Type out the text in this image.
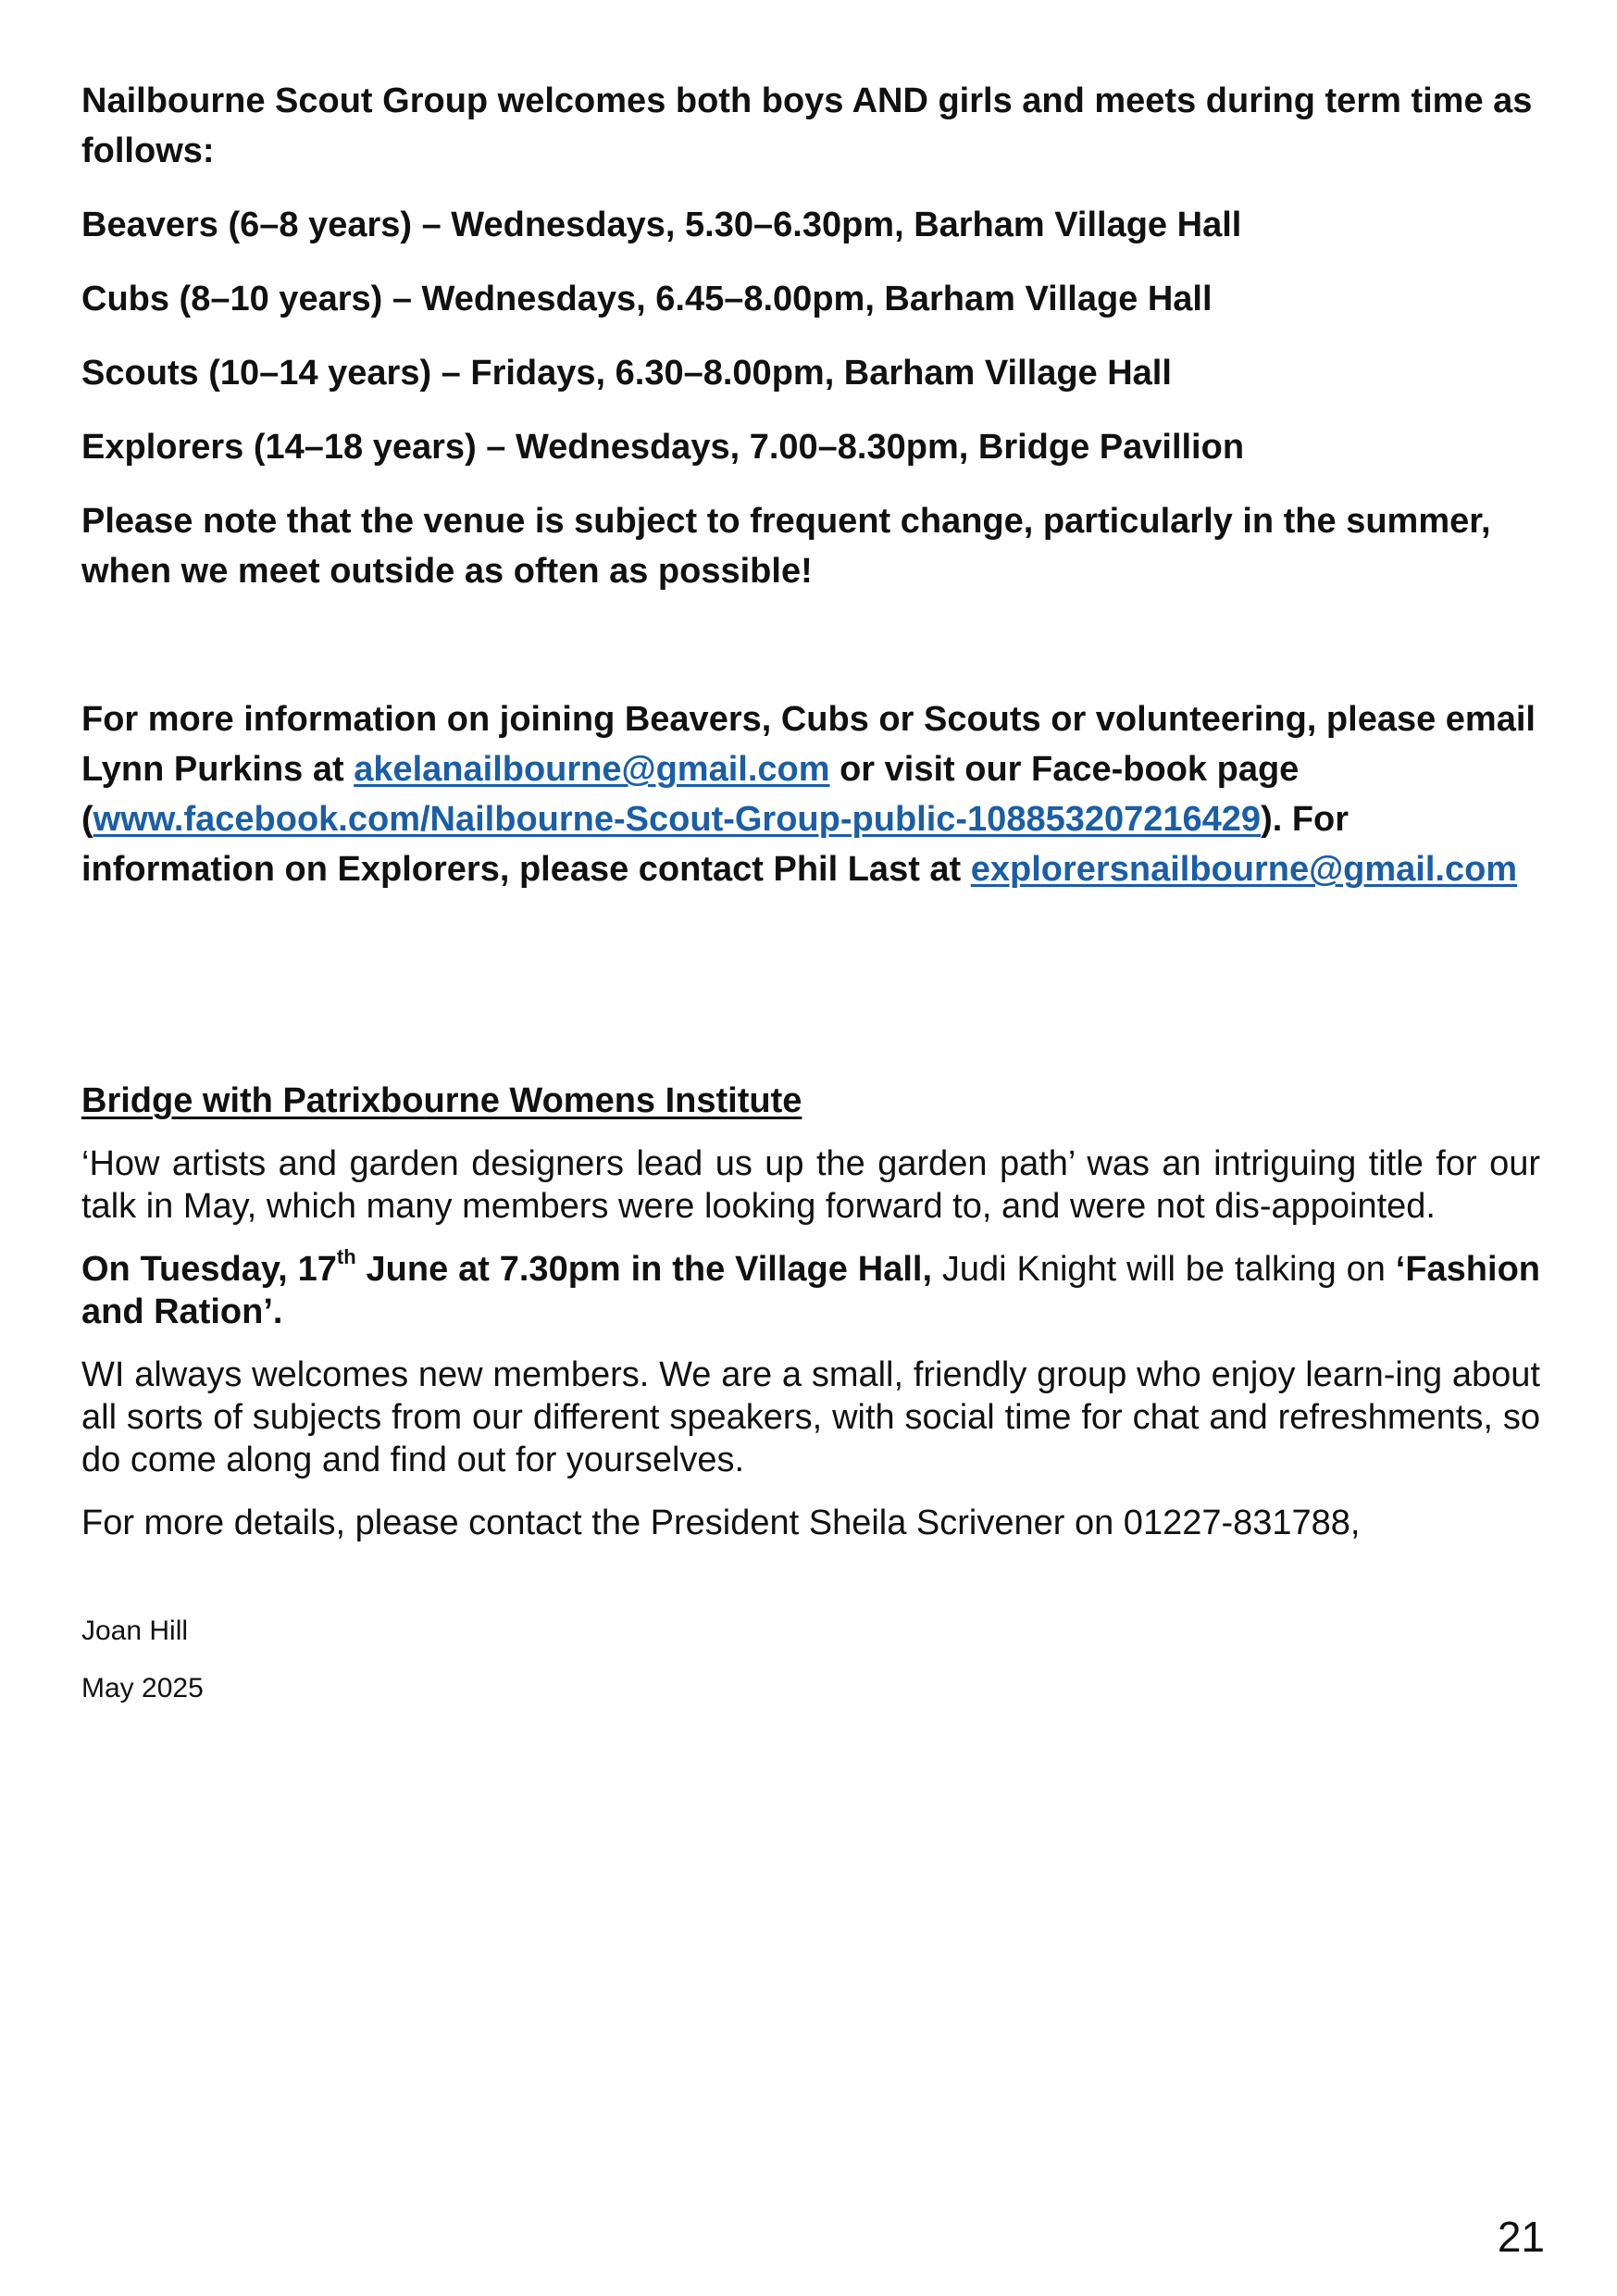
Nailbourne Scout Group welcomes both boys AND girls and meets during term time as follows:

Beavers (6–8 years) – Wednesdays, 5.30–6.30pm, Barham Village Hall

Cubs (8–10 years) – Wednesdays, 6.45–8.00pm, Barham Village Hall

Scouts (10–14 years) – Fridays, 6.30–8.00pm, Barham Village Hall

Explorers (14–18 years) – Wednesdays, 7.00–8.30pm, Bridge Pavillion

Please note that the venue is subject to frequent change, particularly in the summer, when we meet outside as often as possible!

For more information on joining Beavers, Cubs or Scouts or volunteering, please email Lynn Purkins at akelanailbourne@gmail.com or visit our Face-book page (www.facebook.com/Nailbourne-Scout-Group-public-108853207216429). For information on Explorers, please contact Phil Last at explorersnailbourne@gmail.com

Bridge with Patrixbourne Womens Institute

‘How artists and garden designers lead us up the garden path’ was an intriguing title for our talk in May, which many members were looking forward to, and were not dis-appointed.

On Tuesday, 17th June at 7.30pm in the Village Hall, Judi Knight will be talking on ‘Fashion and Ration’.

WI always welcomes new members. We are a small, friendly group who enjoy learn-ing about all sorts of subjects from our different speakers, with social time for chat and refreshments, so do come along and find out for yourselves.

For more details, please contact the President Sheila Scrivener on 01227-831788,

Joan Hill

May 2025

21
